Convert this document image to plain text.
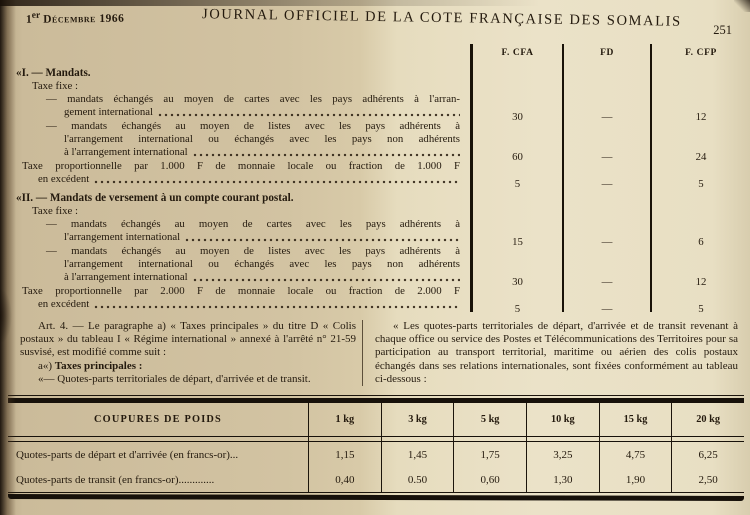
1er Décembre 1966	JOURNAL OFFICIEL DE LA COTE FRANÇAISE DES SOMALIS
251
F. CFA	FD	F. CFP
«I. — Mandats.
Taxe fixe :
— mandats échangés au moyen de cartes avec les pays adhérents à l'arran-
gement international	30	—	12
— mandats échangés au moyen de listes avec les pays adhérents à
l'arrangement international ou échangés avec les pays non adhérents
à l'arrangement international	60	—	24
Taxe proportionnelle par 1.000 F de monnaie locale ou fraction de 1.000 F
en excédent	5	—	5
«II. — Mandats de versement à un compte courant postal.
Taxe fixe :
— mandats échangés au moyen de cartes avec les pays adhérents à
l'arrangement international	15	—	6
— mandats échangés au moyen de listes avec les pays adhérents à
l'arrangement international ou échangés avec les pays non adhérents
à l'arrangement international	30	—	12
Taxe proportionnelle par 2.000 F de monnaie locale ou fraction de 2.000 F
en excédent	5	—	5

Art. 4. — Le paragraphe a) « Taxes principales » du titre D « Colis postaux » du tableau I « Régime international » annexé à l'arrêté n° 21-59 susvisé, est modifié comme suit :

a«) Taxes principales :

«— Quotes-parts territoriales de départ, d'arrivée et de transit.

« Les quotes-parts territoriales de départ, d'arrivée et de transit revenant à chaque office ou service des Postes et Télécommunications des Territoires pour sa participation au transport territorial, maritime ou aérien des colis postaux échangés dans ses relations internationales, sont fixées conformément au tableau ci-dessous :

COUPURES DE POIDS	1 kg	3 kg	5 kg	10 kg	15 kg	20 kg
Quotes-parts de départ et d'arrivée (en francs-or)...	1,15	1,45	1,75	3,25	4,75	6,25
Quotes-parts de transit (en francs-or).............	0,40	0.50	0,60	1,30	1,90	2,50
